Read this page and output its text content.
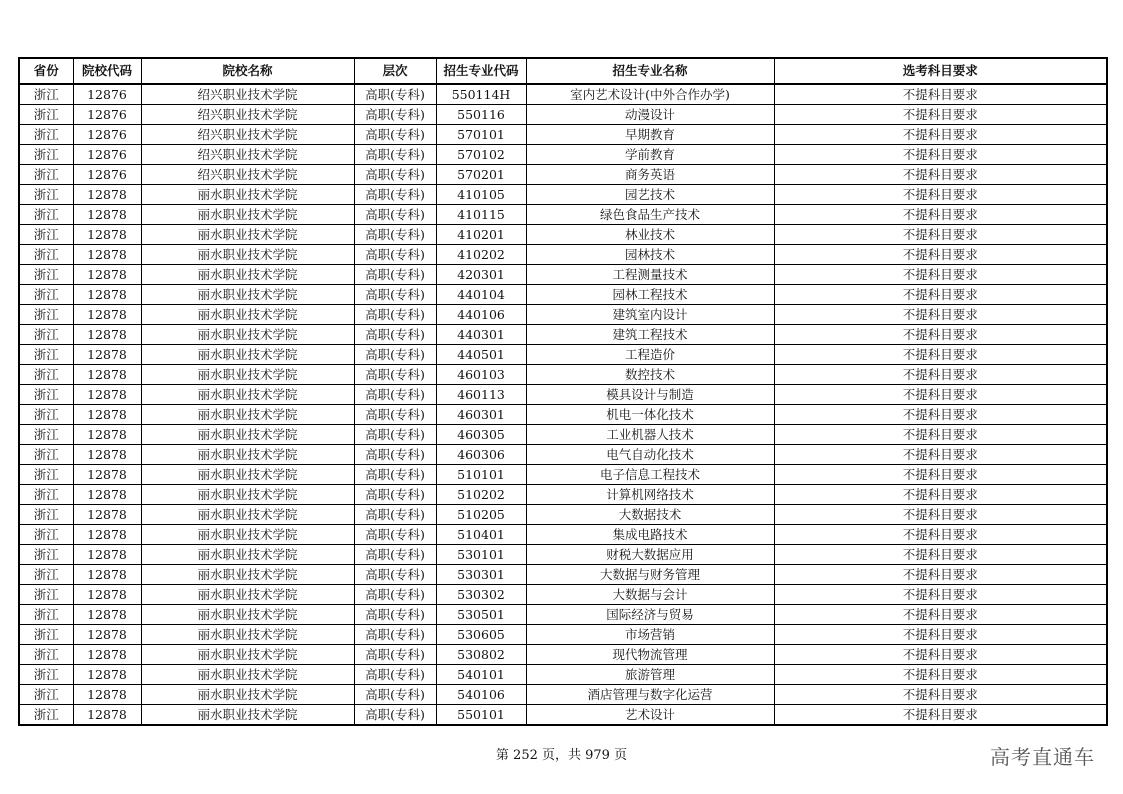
省份	院校代码	院校名称	层次	招生专业代码	招生专业名称	选考科目要求
浙江	12876	绍兴职业技术学院	高职(专科)	550114H	室内艺术设计(中外合作办学)	不提科目要求
浙江	12876	绍兴职业技术学院	高职(专科)	550116	动漫设计	不提科目要求
浙江	12876	绍兴职业技术学院	高职(专科)	570101	早期教育	不提科目要求
浙江	12876	绍兴职业技术学院	高职(专科)	570102	学前教育	不提科目要求
浙江	12876	绍兴职业技术学院	高职(专科)	570201	商务英语	不提科目要求
浙江	12878	丽水职业技术学院	高职(专科)	410105	园艺技术	不提科目要求
浙江	12878	丽水职业技术学院	高职(专科)	410115	绿色食品生产技术	不提科目要求
浙江	12878	丽水职业技术学院	高职(专科)	410201	林业技术	不提科目要求
浙江	12878	丽水职业技术学院	高职(专科)	410202	园林技术	不提科目要求
浙江	12878	丽水职业技术学院	高职(专科)	420301	工程测量技术	不提科目要求
浙江	12878	丽水职业技术学院	高职(专科)	440104	园林工程技术	不提科目要求
浙江	12878	丽水职业技术学院	高职(专科)	440106	建筑室内设计	不提科目要求
浙江	12878	丽水职业技术学院	高职(专科)	440301	建筑工程技术	不提科目要求
浙江	12878	丽水职业技术学院	高职(专科)	440501	工程造价	不提科目要求
浙江	12878	丽水职业技术学院	高职(专科)	460103	数控技术	不提科目要求
浙江	12878	丽水职业技术学院	高职(专科)	460113	模具设计与制造	不提科目要求
浙江	12878	丽水职业技术学院	高职(专科)	460301	机电一体化技术	不提科目要求
浙江	12878	丽水职业技术学院	高职(专科)	460305	工业机器人技术	不提科目要求
浙江	12878	丽水职业技术学院	高职(专科)	460306	电气自动化技术	不提科目要求
浙江	12878	丽水职业技术学院	高职(专科)	510101	电子信息工程技术	不提科目要求
浙江	12878	丽水职业技术学院	高职(专科)	510202	计算机网络技术	不提科目要求
浙江	12878	丽水职业技术学院	高职(专科)	510205	大数据技术	不提科目要求
浙江	12878	丽水职业技术学院	高职(专科)	510401	集成电路技术	不提科目要求
浙江	12878	丽水职业技术学院	高职(专科)	530101	财税大数据应用	不提科目要求
浙江	12878	丽水职业技术学院	高职(专科)	530301	大数据与财务管理	不提科目要求
浙江	12878	丽水职业技术学院	高职(专科)	530302	大数据与会计	不提科目要求
浙江	12878	丽水职业技术学院	高职(专科)	530501	国际经济与贸易	不提科目要求
浙江	12878	丽水职业技术学院	高职(专科)	530605	市场营销	不提科目要求
浙江	12878	丽水职业技术学院	高职(专科)	530802	现代物流管理	不提科目要求
浙江	12878	丽水职业技术学院	高职(专科)	540101	旅游管理	不提科目要求
浙江	12878	丽水职业技术学院	高职(专科)	540106	酒店管理与数字化运营	不提科目要求
浙江	12878	丽水职业技术学院	高职(专科)	550101	艺术设计	不提科目要求
第 252 页，共 979 页	高考直通车
